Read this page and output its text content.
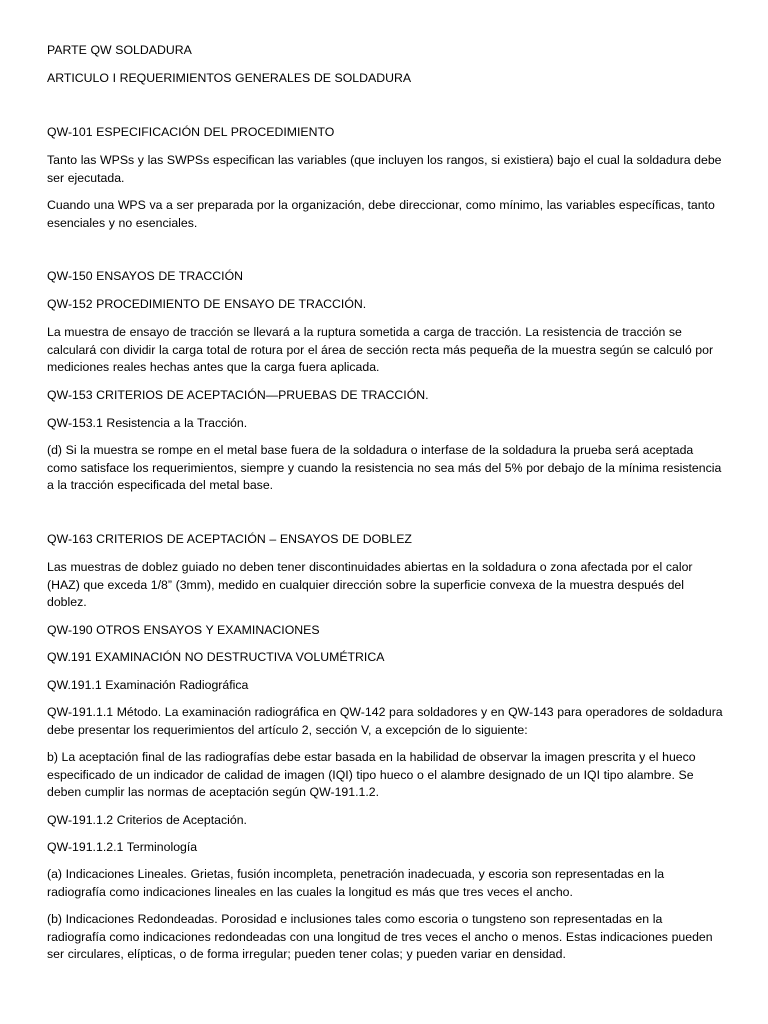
PARTE QW SOLDADURA

ARTICULO I REQUERIMIENTOS GENERALES DE SOLDADURA

QW-101 ESPECIFICACIÓN DEL PROCEDIMIENTO

Tanto las WPSs y las SWPSs especifican las variables (que incluyen los rangos, si existiera) bajo el cual la soldadura debe ser ejecutada.

Cuando una WPS va a ser preparada por la organización, debe direccionar, como mínimo, las variables específicas, tanto esenciales y no esenciales.

QW-150 ENSAYOS DE TRACCIÓN

QW-152 PROCEDIMIENTO DE ENSAYO DE TRACCIÓN.

La muestra de ensayo de tracción se llevará a la ruptura sometida a carga de tracción. La resistencia de tracción se calculará con dividir la carga total de rotura por el área de sección recta más pequeña de la muestra según se calculó por mediciones reales hechas antes que la carga fuera aplicada.

QW-153 CRITERIOS DE ACEPTACIÓN—PRUEBAS DE TRACCIÓN.

QW-153.1 Resistencia a la Tracción.

(d) Si la muestra se rompe en el metal base fuera de la soldadura o interfase de la soldadura la prueba será aceptada como satisface los requerimientos, siempre y cuando la resistencia no sea más del 5% por debajo de la mínima resistencia a la tracción especificada del metal base.

QW-163 CRITERIOS DE ACEPTACIÓN – ENSAYOS DE DOBLEZ

Las muestras de doblez guiado no deben tener discontinuidades abiertas en la soldadura o zona afectada por el calor (HAZ) que exceda 1/8” (3mm), medido en cualquier dirección sobre la superficie convexa de la muestra después del doblez.

QW-190 OTROS ENSAYOS Y EXAMINACIONES

QW.191 EXAMINACIÓN NO DESTRUCTIVA VOLUMÉTRICA

QW.191.1 Examinación Radiográfica

QW-191.1.1 Método. La examinación radiográfica en QW-142 para soldadores y en QW-143 para operadores de soldadura debe presentar los requerimientos del artículo 2, sección V, a excepción de lo siguiente:

b) La aceptación final de las radiografías debe estar basada en la habilidad de observar la imagen prescrita y el hueco especificado de un indicador de calidad de imagen (IQI) tipo hueco o el alambre designado de un IQI tipo alambre. Se deben cumplir las normas de aceptación según QW-191.1.2.

QW-191.1.2 Criterios de Aceptación.

QW-191.1.2.1 Terminología

(a) Indicaciones Lineales. Grietas, fusión incompleta, penetración inadecuada, y escoria son representadas en la radiografía como indicaciones lineales en las cuales la longitud es más que tres veces el ancho.

(b) Indicaciones Redondeadas. Porosidad e inclusiones tales como escoria o tungsteno son representadas en la radiografía como indicaciones redondeadas con una longitud de tres veces el ancho o menos. Estas indicaciones pueden ser circulares, elípticas, o de forma irregular; pueden tener colas; y pueden variar en densidad.
